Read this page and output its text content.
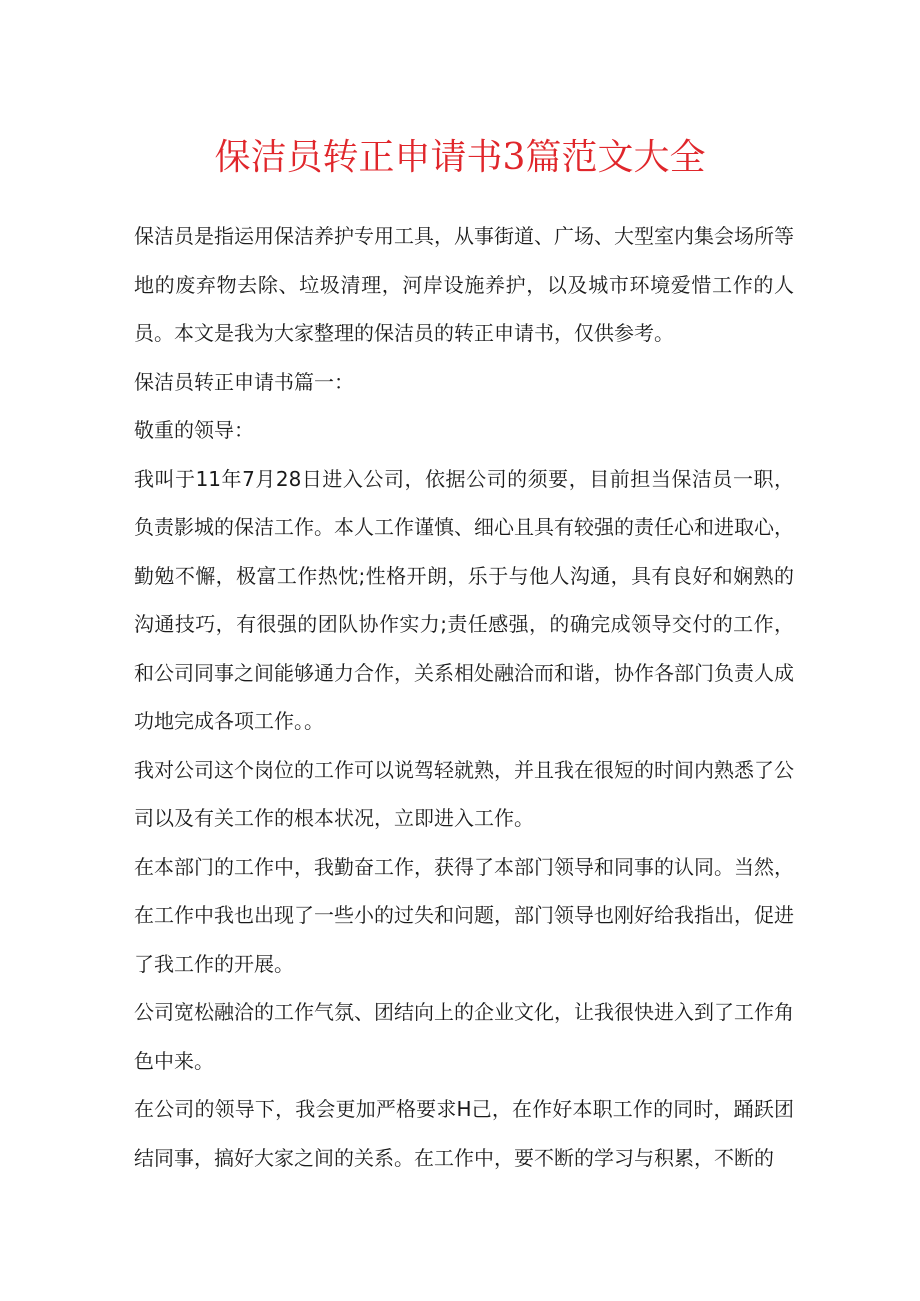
保洁员转正申请书3篇范文大全

保洁员是指运用保洁养护专用工具，从事街道、广场、大型室内集会场所等地的废弃物去除、垃圾清理，河岸设施养护，以及城市环境爱惜工作的人员。本文是我为大家整理的保洁员的转正申请书，仅供参考。

保洁员转正申请书篇一：

敬重的领导：

我叫于11年7月28日进入公司，依据公司的须要，目前担当保洁员一职，负责影城的保洁工作。本人工作谨慎、细心且具有较强的责任心和进取心，勤勉不懈，极富工作热忱;性格开朗，乐于与他人沟通，具有良好和娴熟的沟通技巧，有很强的团队协作实力;责任感强，的确完成领导交付的工作，和公司同事之间能够通力合作，关系相处融洽而和谐，协作各部门负责人成功地完成各项工作。。

我对公司这个岗位的工作可以说驾轻就熟，并且我在很短的时间内熟悉了公司以及有关工作的根本状况，立即进入工作。

在本部门的工作中，我勤奋工作，获得了本部门领导和同事的认同。当然，在工作中我也出现了一些小的过失和问题，部门领导也刚好给我指出，促进了我工作的开展。

公司宽松融洽的工作气氛、团结向上的企业文化，让我很快进入到了工作角色中来。

在公司的领导下，我会更加严格要求H己，在作好本职工作的同时，踊跃团结同事，搞好大家之间的关系。在工作中，要不断的学习与积累，不断的
